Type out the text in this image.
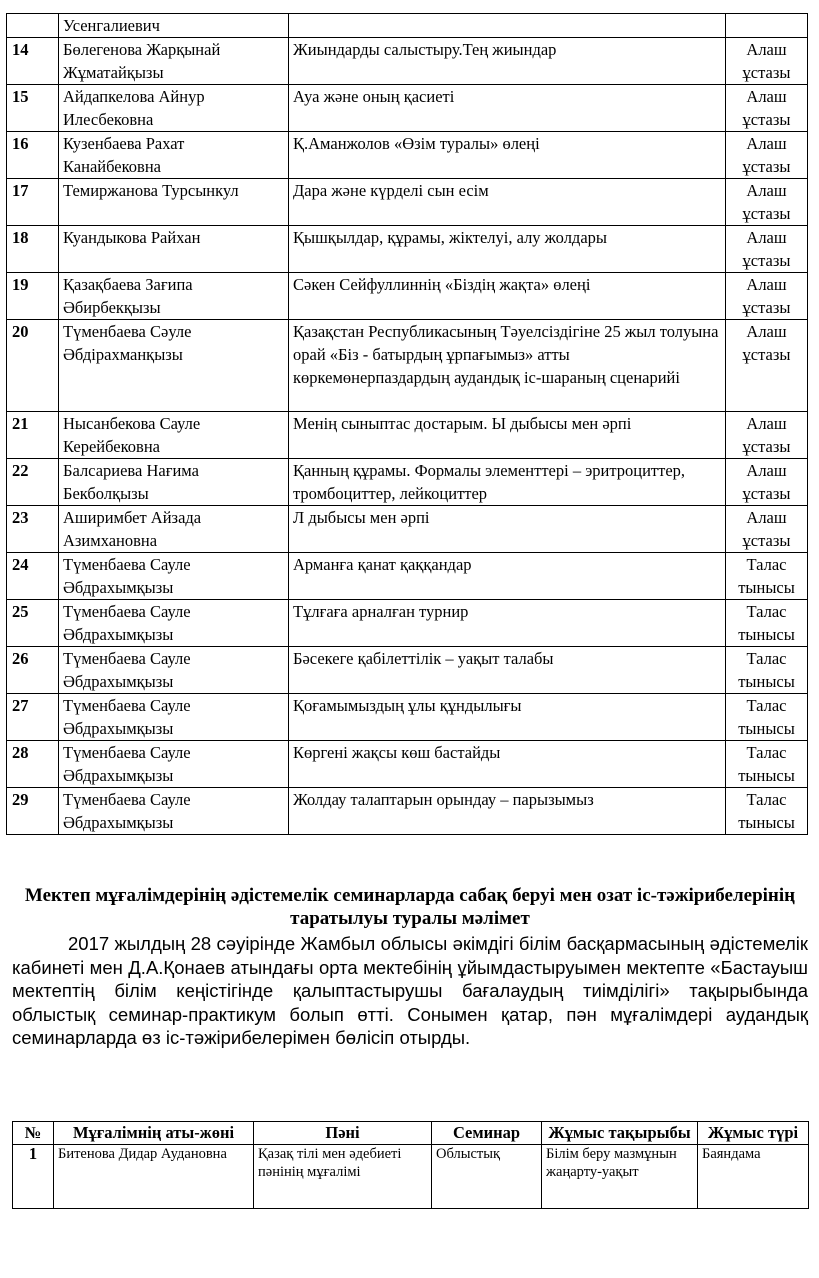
	Усенгалиевич		
14	Бөлегенова Жарқынай Жұматайқызы	Жиындарды салыстыру.Тең жиындар	Алаш ұстазы
15	Айдапкелова Айнур Илесбековна	Ауа және оның қасиеті	Алаш ұстазы
16	Кузенбаева Рахат Канайбековна	Қ.Аманжолов «Өзім туралы» өлеңі	Алаш ұстазы
17	Темиржанова Турсынкул	Дара және күрделі сын есім	Алаш ұстазы
18	Куандыкова Райхан	Қышқылдар, құрамы, жіктелуі, алу жолдары	Алаш ұстазы
19	Қазақбаева Зағипа Әбирбекқызы	Сәкен Сейфуллиннің «Біздің жақта» өлеңі	Алаш ұстазы
20	Түменбаева Сәуле Әбдірахманқызы	Қазақстан Республикасының Тәуелсіздігіне 25 жыл толуына орай «Біз - батырдың ұрпағымыз» атты көркемөнерпаздардың аудандық іс-шараның сценарийі	Алаш ұстазы
21	Нысанбекова Сауле Керейбековна	Менің сыныптас достарым. Ы дыбысы мен әрпі	Алаш ұстазы
22	Балсариева Нағима Бекболқызы	Қанның құрамы. Формалы элементтері – эритроциттер, тромбоциттер, лейкоциттер	Алаш ұстазы
23	Аширимбет Айзада Азимхановна	Л дыбысы мен әрпі	Алаш ұстазы
24	Түменбаева Сауле Әбдрахымқызы	Арманға қанат қаққандар	Талас тынысы
25	Түменбаева Сауле Әбдрахымқызы	Тұлғаға арналған турнир	Талас тынысы
26	Түменбаева Сауле Әбдрахымқызы	Бәсекеге қабілеттілік – уақыт талабы	Талас тынысы
27	Түменбаева Сауле Әбдрахымқызы	Қоғамымыздың ұлы құндылығы	Талас тынысы
28	Түменбаева Сауле Әбдрахымқызы	Көргені жақсы көш бастайды	Талас тынысы
29	Түменбаева Сауле Әбдрахымқызы	Жолдау талаптарын орындау – парызымыз	Талас тынысы
Мектеп мұғалімдерінің әдістемелік семинарларда сабақ беруі мен озат іс-тәжірибелерінің таратылуы туралы мәлімет

2017 жылдың 28 сәуірінде Жамбыл облысы әкімдігі білім басқармасының әдістемелік кабинеті мен Д.А.Қонаев атындағы орта мектебінің ұйымдастыруымен мектепте «Бастауыш мектептің білім кеңістігінде қалыптастырушы бағалаудың тиімділігі» тақырыбында облыстық семинар-практикум болып өтті. Сонымен қатар, пән мұғалімдері аудандық семинарларда өз іс-тәжірибелерімен бөлісіп отырды.

№	Мұғалімнің аты-жөні	Пәні	Семинар	Жұмыс тақырыбы	Жұмыс түрі
1	Битенова Дидар Аудановна	Қазақ тілі мен әдебиеті пәнінің мұғалімі	Облыстық	Білім беру мазмұнын жаңарту-уақыт	Баяндама
